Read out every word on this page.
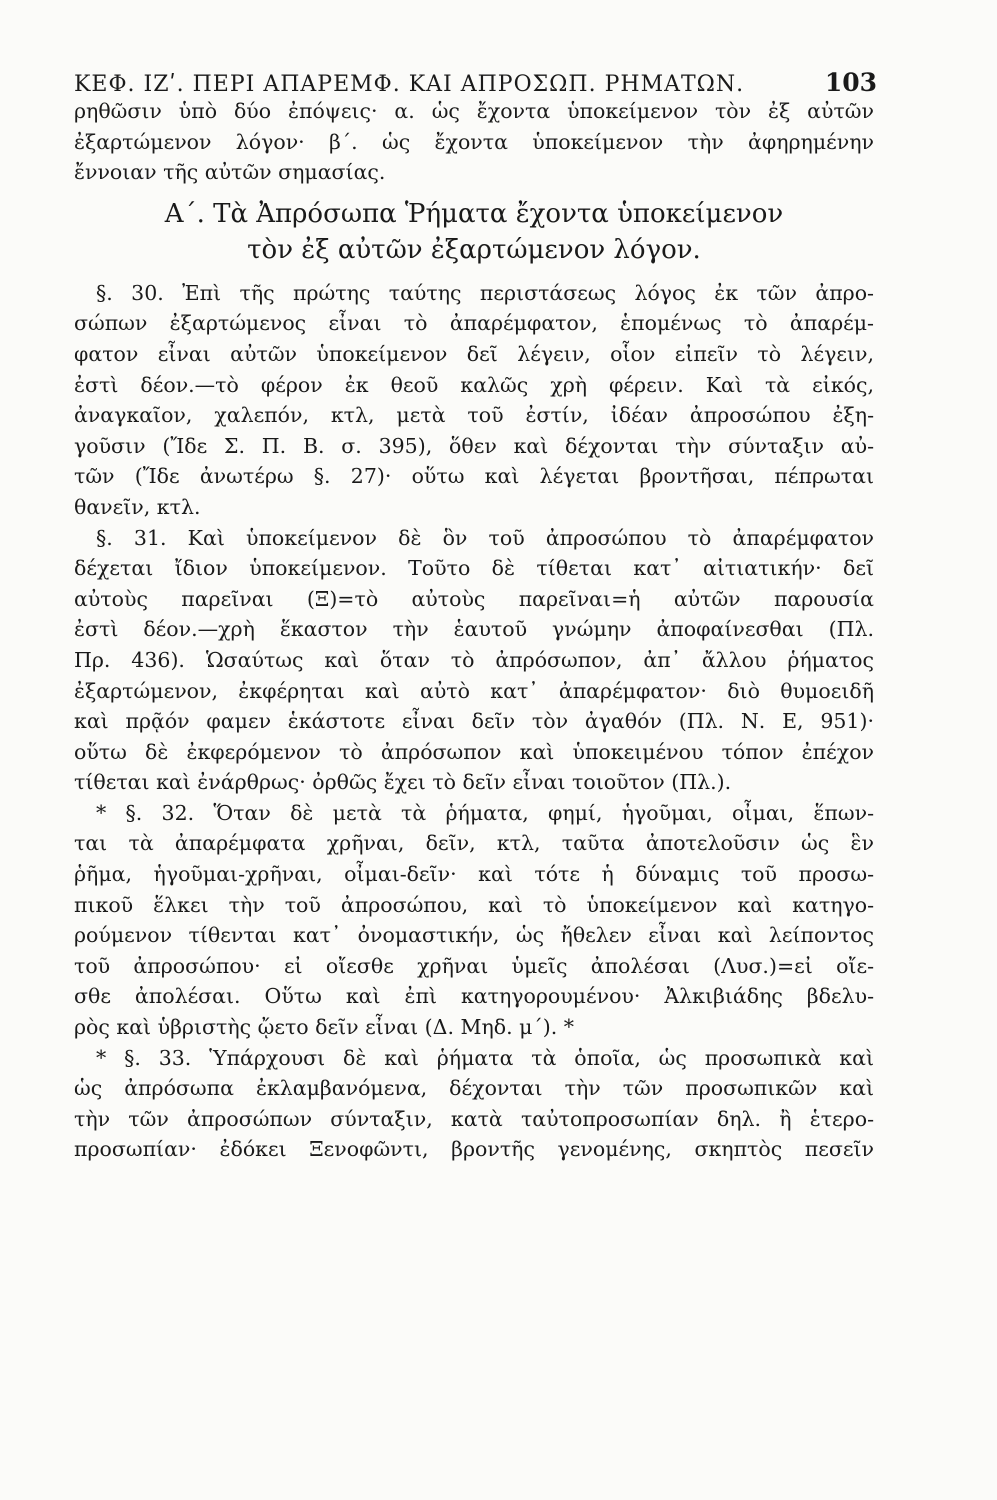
ΚΕΦ. ΙΖʹ. ΠΕΡΙ ΑΠΑΡΕΜΦ. ΚΑΙ ΑΠΡΟΣΩΠ. ΡΗΜΑΤΩΝ.	103
ρηθῶσιν ὑπὸ δύο ἐπόψεις· α. ὡς ἔχοντα ὑποκείμενον τὸν ἐξ αὐτῶν
ἐξαρτώμενον λόγον· β΄. ὡς ἔχοντα ὑποκείμενον τὴν ἀφηρημένην
ἔννοιαν τῆς αὐτῶν σημασίας.
Α΄. Τὰ Ἀπρόσωπα Ῥήματα ἔχοντα ὑποκείμενον
τὸν ἐξ αὐτῶν ἐξαρτώμενον λόγον.
§. 30. Ἐπὶ τῆς πρώτης ταύτης περιστάσεως λόγος ἐκ τῶν ἀπρο-
σώπων ἐξαρτώμενος εἶναι τὸ ἀπαρέμφατον, ἑπομένως τὸ ἀπαρέμ-
φατον εἶναι αὐτῶν ὑποκείμενον δεῖ λέγειν, οἷον εἰπεῖν τὸ λέγειν,
ἐστὶ δέον.—τὸ φέρον ἐκ θεοῦ καλῶς χρὴ φέρειν. Καὶ τὰ εἰκός,
ἀναγκαῖον, χαλεπόν, κτλ, μετὰ τοῦ ἐστίν, ἰδέαν ἀπροσώπου ἐξη-
γοῦσιν (Ἴδε Σ. Π. Β. σ. 395), ὅθεν καὶ δέχονται τὴν σύνταξιν αὐ-
τῶν (Ἴδε ἀνωτέρω §. 27)· οὕτω καὶ λέγεται βροντῆσαι, πέπρωται
θανεῖν, κτλ.
§. 31. Καὶ ὑποκείμενον δὲ ὃν τοῦ ἀπροσώπου τὸ ἀπαρέμφατον
δέχεται ἴδιον ὑποκείμενον. Τοῦτο δὲ τίθεται κατ᾽ αἰτιατικήν· δεῖ
αὐτοὺς παρεῖναι (Ξ)=τὸ αὐτοὺς παρεῖναι=ἡ αὐτῶν παρουσία
ἐστὶ δέον.—χρὴ ἕκαστον τὴν ἑαυτοῦ γνώμην ἀποφαίνεσθαι (Πλ.
Πρ. 436). Ὡσαύτως καὶ ὅταν τὸ ἀπρόσωπον, ἀπ᾽ ἄλλου ῥήματος
ἐξαρτώμενον, ἐκφέρηται καὶ αὐτὸ κατ᾽ ἀπαρέμφατον· διὸ θυμοειδῆ
καὶ πρᾷόν φαμεν ἑκάστοτε εἶναι δεῖν τὸν ἀγαθόν (Πλ. Ν. Ε, 951)·
οὕτω δὲ ἐκφερόμενον τὸ ἀπρόσωπον καὶ ὑποκειμένου τόπον ἐπέχον
τίθεται καὶ ἐνάρθρως· ὀρθῶς ἔχει τὸ δεῖν εἶναι τοιοῦτον (Πλ.).
* §. 32. Ὅταν δὲ μετὰ τὰ ῥήματα, φημί, ἡγοῦμαι, οἶμαι, ἕπων-
ται τὰ ἀπαρέμφατα χρῆναι, δεῖν, κτλ, ταῦτα ἀποτελοῦσιν ὡς ἓν
ῥῆμα, ἡγοῦμαι-χρῆναι, οἶμαι-δεῖν· καὶ τότε ἡ δύναμις τοῦ προσω-
πικοῦ ἕλκει τὴν τοῦ ἀπροσώπου, καὶ τὸ ὑποκείμενον καὶ κατηγο-
ρούμενον τίθενται κατ᾽ ὀνομαστικήν, ὡς ἤθελεν εἶναι καὶ λείποντος
τοῦ ἀπροσώπου· εἰ οἴεσθε χρῆναι ὑμεῖς ἀπολέσαι (Λυσ.)=εἰ οἴε-
σθε ἀπολέσαι. Οὕτω καὶ ἐπὶ κατηγορουμένου· Ἀλκιβιάδης βδελυ-
ρὸς καὶ ὑβριστὴς ᾤετο δεῖν εἶναι (Δ. Μηδ. μ΄). *
* §. 33. Ὑπάρχουσι δὲ καὶ ῥήματα τὰ ὁποῖα, ὡς προσωπικὰ καὶ
ὡς ἀπρόσωπα ἐκλαμβανόμενα, δέχονται τὴν τῶν προσωπικῶν καὶ
τὴν τῶν ἀπροσώπων σύνταξιν, κατὰ ταὐτοπροσωπίαν δηλ. ἢ ἑτερο-
προσωπίαν· ἐδόκει Ξενοφῶντι, βροντῆς γενομένης, σκηπτὸς πεσεῖν
